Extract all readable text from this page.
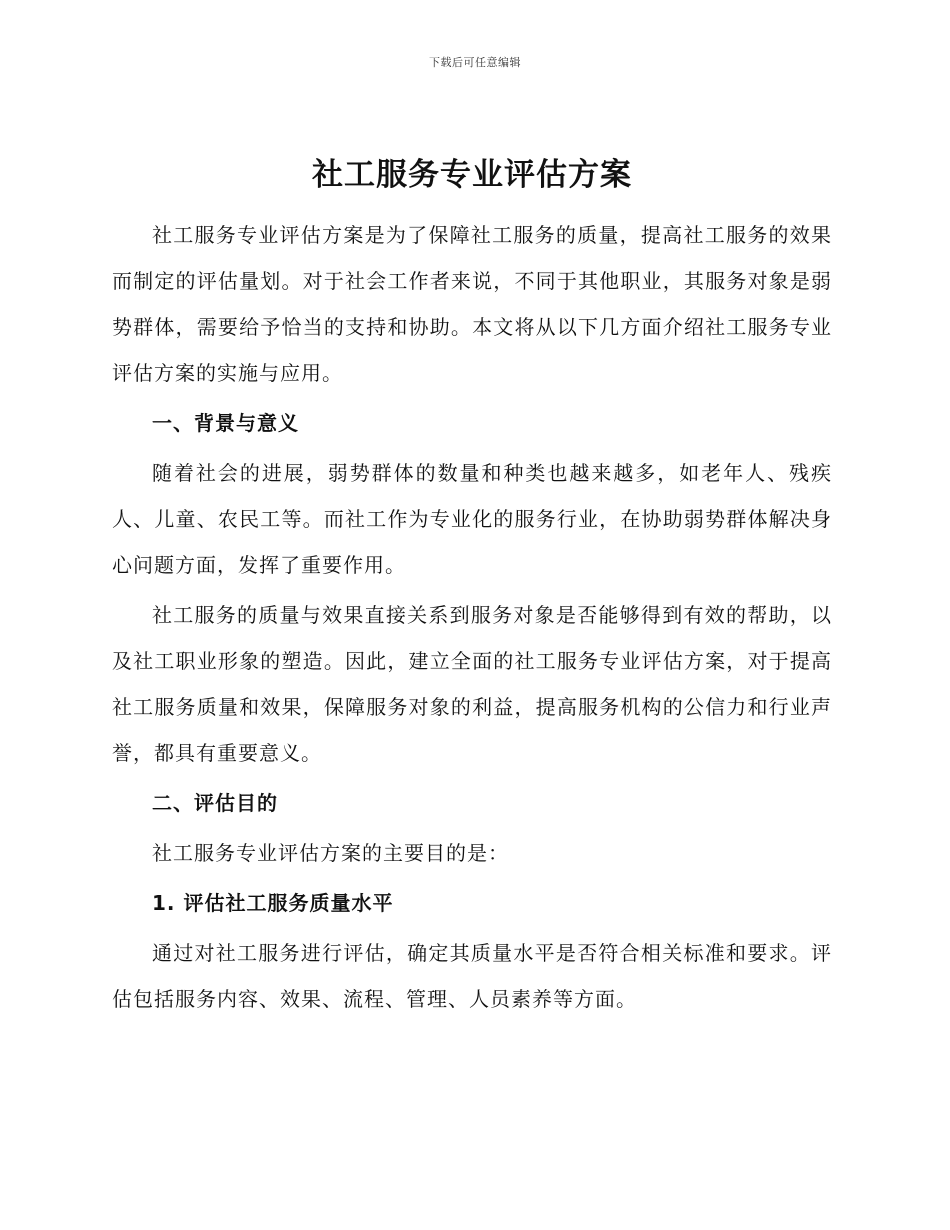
下载后可任意编辑
社工服务专业评估方案

社工服务专业评估方案是为了保障社工服务的质量，提高社工服务的效果而制定的评估量划。对于社会工作者来说，不同于其他职业，其服务对象是弱势群体，需要给予恰当的支持和协助。本文将从以下几方面介绍社工服务专业评估方案的实施与应用。

一、背景与意义

随着社会的进展，弱势群体的数量和种类也越来越多，如老年人、残疾人、儿童、农民工等。而社工作为专业化的服务行业，在协助弱势群体解决身心问题方面，发挥了重要作用。

社工服务的质量与效果直接关系到服务对象是否能够得到有效的帮助，以及社工职业形象的塑造。因此，建立全面的社工服务专业评估方案，对于提高社工服务质量和效果，保障服务对象的利益，提高服务机构的公信力和行业声誉，都具有重要意义。

二、评估目的

社工服务专业评估方案的主要目的是：

1. 评估社工服务质量水平

通过对社工服务进行评估，确定其质量水平是否符合相关标准和要求。评估包括服务内容、效果、流程、管理、人员素养等方面。
